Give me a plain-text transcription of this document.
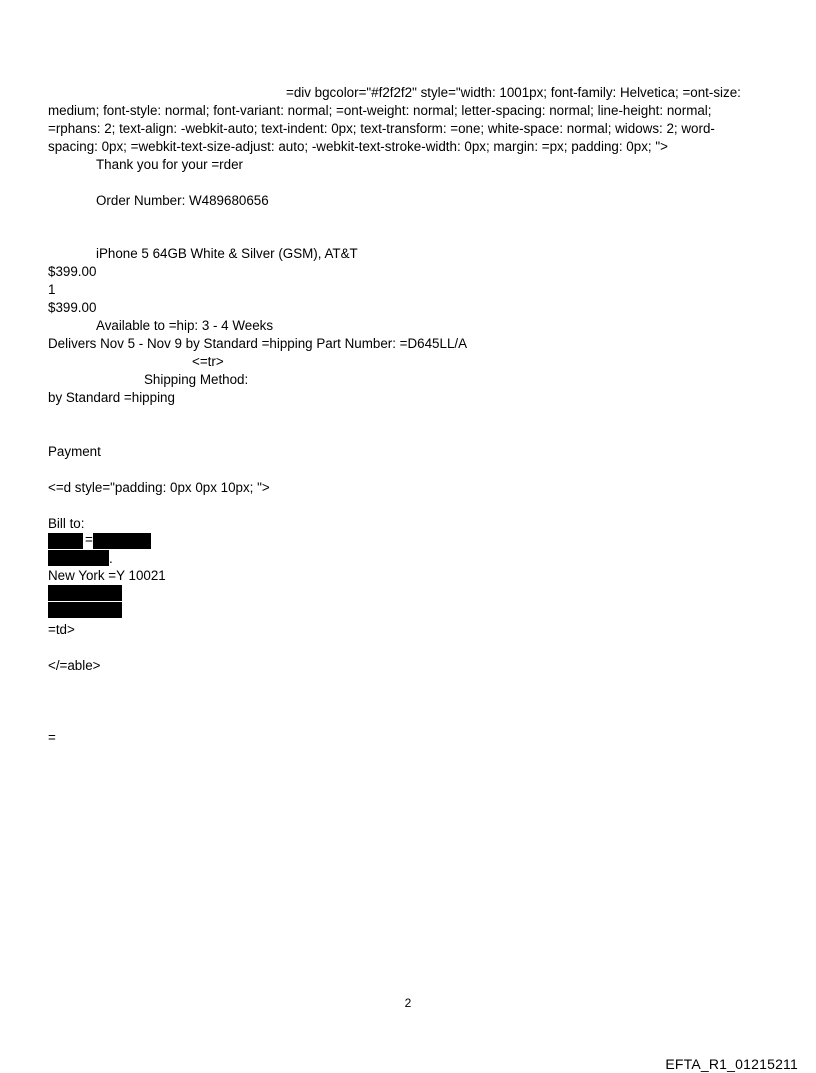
=div bgcolor="#f2f2f2" style="width: 1001px; font-family: Helvetica; =ont-size:
medium; font-style: normal; font-variant: normal; =ont-weight: normal; letter-spacing: normal; line-height: normal;
=rphans: 2; text-align: -webkit-auto; text-indent: 0px; text-transform: =one; white-space: normal; widows: 2; word-
spacing: 0px; =webkit-text-size-adjust: auto; -webkit-text-stroke-width: 0px; margin: =px; padding: 0px; ">
Thank you for your =rder
Order Number: W489680656
iPhone 5 64GB White & Silver (GSM), AT&T
$399.00
1
$399.00
Available to =hip: 3 - 4 Weeks
Delivers Nov 5 - Nov 9 by Standard =hipping Part Number: =D645LL/A
<=tr>
Shipping Method:
by Standard =hipping
Payment
<=d style="padding: 0px 0px 10px; ">
Bill to:
=
.
New York =Y 10021
=td>
</=able>
=
2
EFTA_R1_01215211
